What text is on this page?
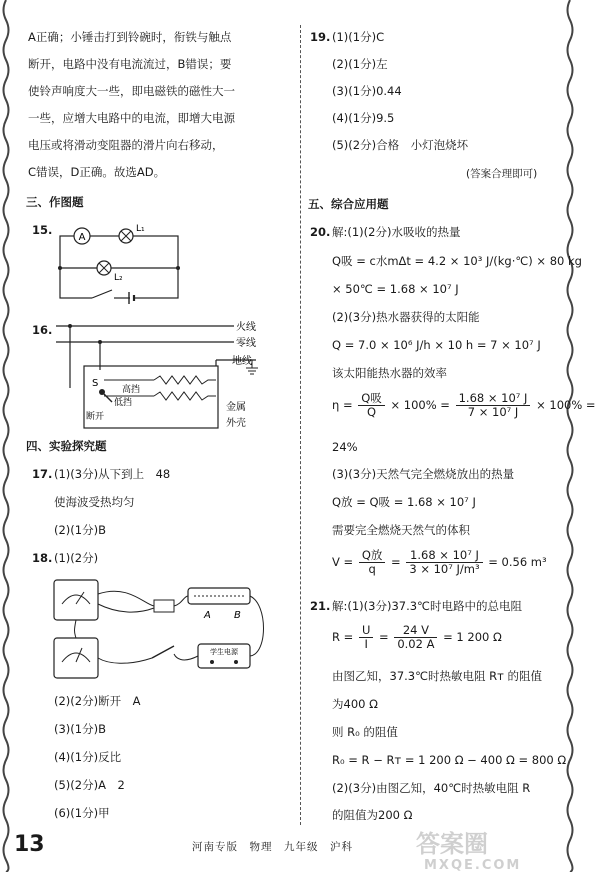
A正确；小锤击打到铃碗时，衔铁与触点
断开，电路中没有电流流过，B错误；要
使铃声响度大一些，即电磁铁的磁性大一
一些，应增大电路中的电流，即增大电源
电压或将滑动变阻器的滑片向右移动，
C错误，D正确。故选AD。
三、作图题
15.
A
L₁
L₂
16.	火线
零线
地线
S
高挡
低挡
断开
金属
外壳
四、实验探究题
17. (1)(3分)从下到上　48
使海波受热均匀
(2)(1分)B
18. (1)(2分)
A B
学生电源
(2)(2分)断开　A
(3)(1分)B
(4)(1分)反比
(5)(2分)A　2
(6)(1分)甲
19. (1)(1分)C
(2)(1分)左
(3)(1分)0.44
(4)(1分)9.5
(5)(2分)合格　小灯泡烧坏
(答案合理即可)
五、综合应用题
20. 解:(1)(2分)水吸收的热量
Q吸 = c水mΔt = 4.2 × 10³ J/(kg·℃) × 80 kg
× 50℃ = 1.68 × 10⁷ J
(2)(3分)热水器获得的太阳能
Q = 7.0 × 10⁶ J/h × 10 h = 7 × 10⁷ J
该太阳能热水器的效率
$\eta = \frac{\text{Q吸}}{Q} \times 100\% = \frac{\text{1.68 × 10⁷ J}}{\text{7 × 10⁷ J}} \times 100\%$ =
24%
(3)(3分)天然气完全燃烧放出的热量
Q放 = Q吸 = 1.68 × 10⁷ J
需要完全燃烧天然气的体积
$V = \frac{\text{Q放}}{q} = \frac{\text{1.68 × 10⁷ J}}{\text{3 × 10⁷ J/m³}} = 0.56$ m³
21. 解:(1)(3分)37.3℃时电路中的总电阻
$R = \frac{U}{I} = \frac{24 V}{0.02 A} = 1$ 200 Ω
由图乙知，37.3℃时热敏电阻 Rт 的阻值
为400 Ω
则 R₀ 的阻值
R₀ = R − Rт = 1 200 Ω − 400 Ω = 800 Ω
(2)(3分)由图乙知，40℃时热敏电阻 R
的阻值为200 Ω
13	河南专版　物理　九年级　沪科	答案圈
MXQE.COM
